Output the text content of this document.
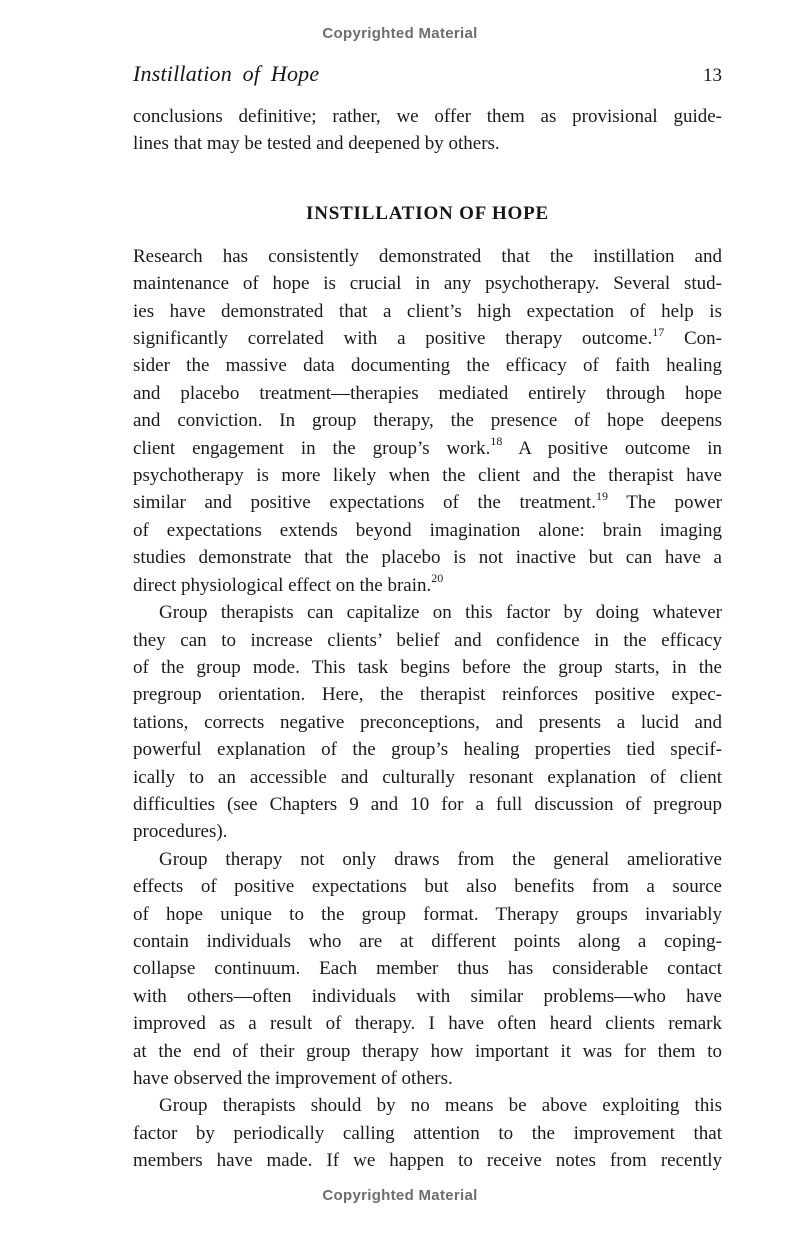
Copyrighted Material
Instillation of Hope	13
conclusions definitive; rather, we offer them as provisional guide-
lines that may be tested and deepened by others.
INSTILLATION OF HOPE
Research has consistently demonstrated that the instillation and
maintenance of hope is crucial in any psychotherapy. Several stud-
ies have demonstrated that a client’s high expectation of help is
significantly correlated with a positive therapy outcome.$^{17}$ Con-
sider the massive data documenting the efficacy of faith healing
and placebo treatment—therapies mediated entirely through hope
and conviction. In group therapy, the presence of hope deepens
client engagement in the group’s work.$^{18}$ A positive outcome in
psychotherapy is more likely when the client and the therapist have
similar and positive expectations of the treatment.$^{19}$ The power
of expectations extends beyond imagination alone: brain imaging
studies demonstrate that the placebo is not inactive but can have a
direct physiological effect on the brain.$^{20}$
Group therapists can capitalize on this factor by doing whatever
they can to increase clients’ belief and confidence in the efficacy
of the group mode. This task begins before the group starts, in the
pregroup orientation. Here, the therapist reinforces positive expec-
tations, corrects negative preconceptions, and presents a lucid and
powerful explanation of the group’s healing properties tied specif-
ically to an accessible and culturally resonant explanation of client
difficulties (see Chapters 9 and 10 for a full discussion of pregroup
procedures).
Group therapy not only draws from the general ameliorative
effects of positive expectations but also benefits from a source
of hope unique to the group format. Therapy groups invariably
contain individuals who are at different points along a coping-
collapse continuum. Each member thus has considerable contact
with others—often individuals with similar problems—who have
improved as a result of therapy. I have often heard clients remark
at the end of their group therapy how important it was for them to
have observed the improvement of others.
Group therapists should by no means be above exploiting this
factor by periodically calling attention to the improvement that
members have made. If we happen to receive notes from recently
Copyrighted Material
